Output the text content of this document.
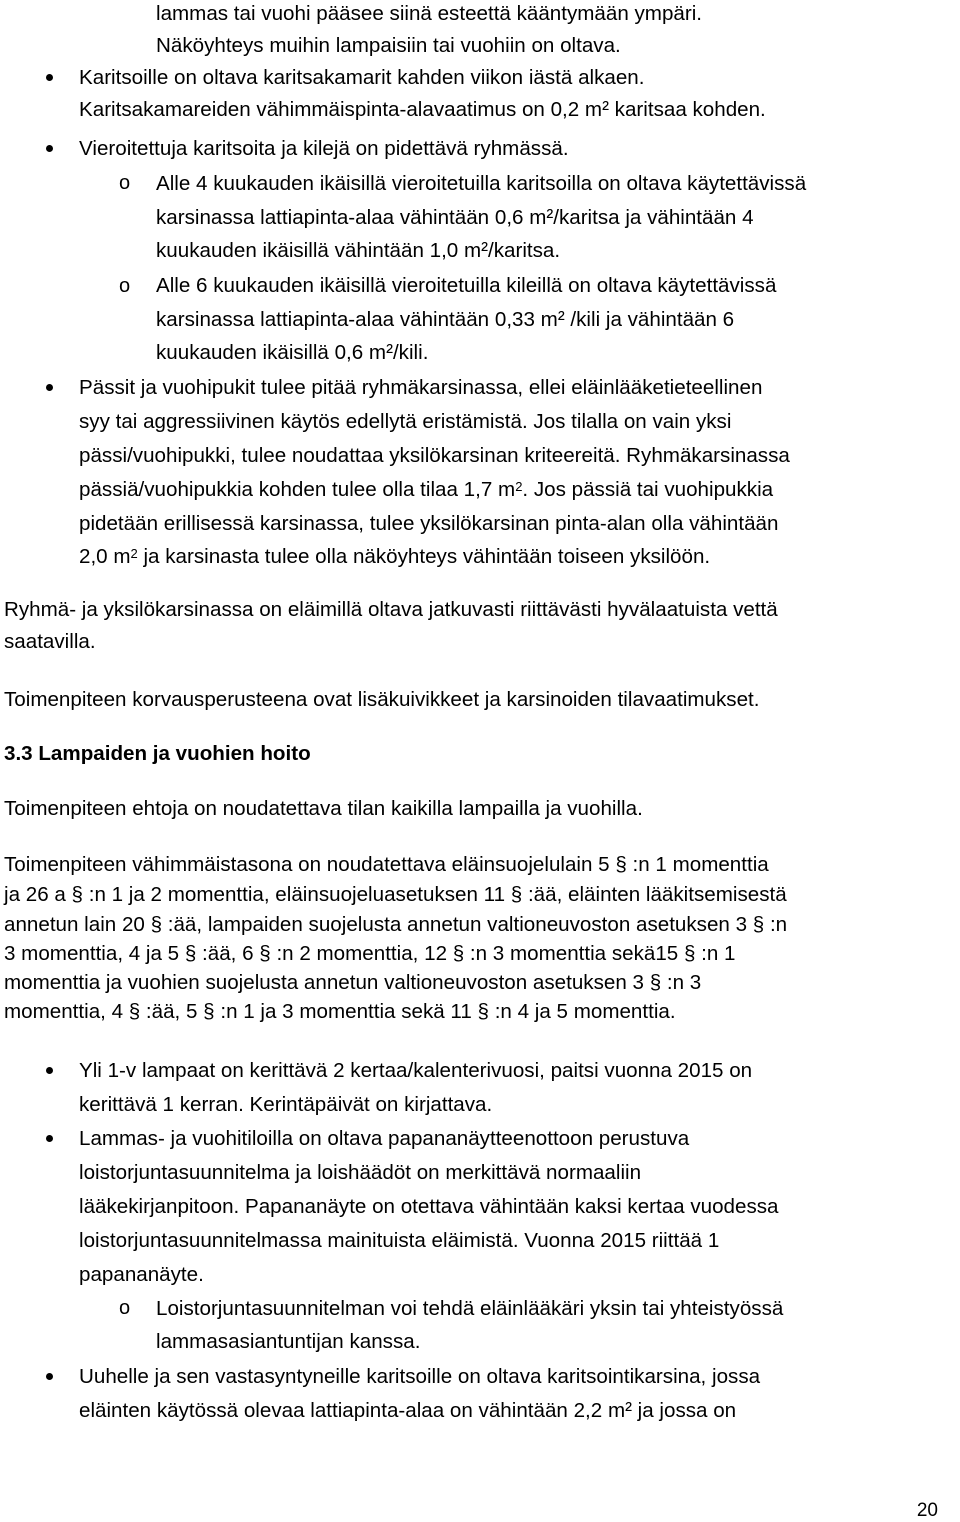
lammas tai vuohi pääsee siinä esteettä kääntymään ympäri.
Näköyhteys muihin lampaisiin tai vuohiin on oltava.
Karitsoille on oltava karitsakamarit kahden viikon iästä alkaen.
Karitsakamareiden vähimmäispinta-alavaatimus on 0,2 m² karitsaa kohden.
Vieroitettuja karitsoita ja kilejä on pidettävä ryhmässä.
o Alle 4 kuukauden ikäisillä vieroitetuilla karitsoilla on oltava käytettävissä
karsinassa lattiapinta-alaa vähintään 0,6 m²/karitsa ja vähintään 4
kuukauden ikäisillä vähintään 1,0 m²/karitsa.
o Alle 6 kuukauden ikäisillä vieroitetuilla kileillä on oltava käytettävissä
karsinassa lattiapinta-alaa vähintään 0,33 m² /kili ja vähintään 6
kuukauden ikäisillä 0,6 m²/kili.
Pässit ja vuohipukit tulee pitää ryhmäkarsinassa, ellei eläinlääketieteellinen
syy tai aggressiivinen käytös edellytä eristämistä. Jos tilalla on vain yksi
pässi/vuohipukki, tulee noudattaa yksilökarsinan kriteereitä. Ryhmäkarsinassa
pässiä/vuohipukkia kohden tulee olla tilaa 1,7 $m^2$. Jos pässiä tai vuohipukkia
pidetään erillisessä karsinassa, tulee yksilökarsinan pinta-alan olla vähintään
2,0 $m^2$ ja karsinasta tulee olla näköyhteys vähintään toiseen yksilöön.
Ryhmä- ja yksilökarsinassa on eläimillä oltava jatkuvasti riittävästi hyvälaatuista vettä
saatavilla.
Toimenpiteen korvausperusteena ovat lisäkuivikkeet ja karsinoiden tilavaatimukset.
3.3 Lampaiden ja vuohien hoito
Toimenpiteen ehtoja on noudatettava tilan kaikilla lampailla ja vuohilla.
Toimenpiteen vähimmäistasona on noudatettava eläinsuojelulain 5 § :n 1 momenttia
ja 26 a § :n 1 ja 2 momenttia, eläinsuojeluasetuksen 11 § :ää, eläinten lääkitsemisestä
annetun lain 20 § :ää, lampaiden suojelusta annetun valtioneuvoston asetuksen 3 § :n
3 momenttia, 4 ja 5 § :ää, 6 § :n 2 momenttia, 12 § :n 3 momenttia sekä15 § :n 1
momenttia ja vuohien suojelusta annetun valtioneuvoston asetuksen 3 § :n 3
momenttia, 4 § :ää, 5 § :n 1 ja 3 momenttia sekä 11 § :n 4 ja 5 momenttia.
Yli 1-v lampaat on kerittävä 2 kertaa/kalenterivuosi, paitsi vuonna 2015 on
kerittävä 1 kerran. Kerintäpäivät on kirjattava.
Lammas- ja vuohitiloilla on oltava papananäytteenottoon perustuva
loistorjuntasuunnitelma ja loishäädöt on merkittävä normaaliin
lääkekirjanpitoon. Papananäyte on otettava vähintään kaksi kertaa vuodessa
loistorjuntasuunnitelmassa mainituista eläimistä. Vuonna 2015 riittää 1
papananäyte.
o Loistorjuntasuunnitelman voi tehdä eläinlääkäri yksin tai yhteistyössä
lammasasiantuntijan kanssa.
Uuhelle ja sen vastasyntyneille karitsoille on oltava karitsointikarsina, jossa
eläinten käytössä olevaa lattiapinta-alaa on vähintään 2,2 m² ja jossa on
20
